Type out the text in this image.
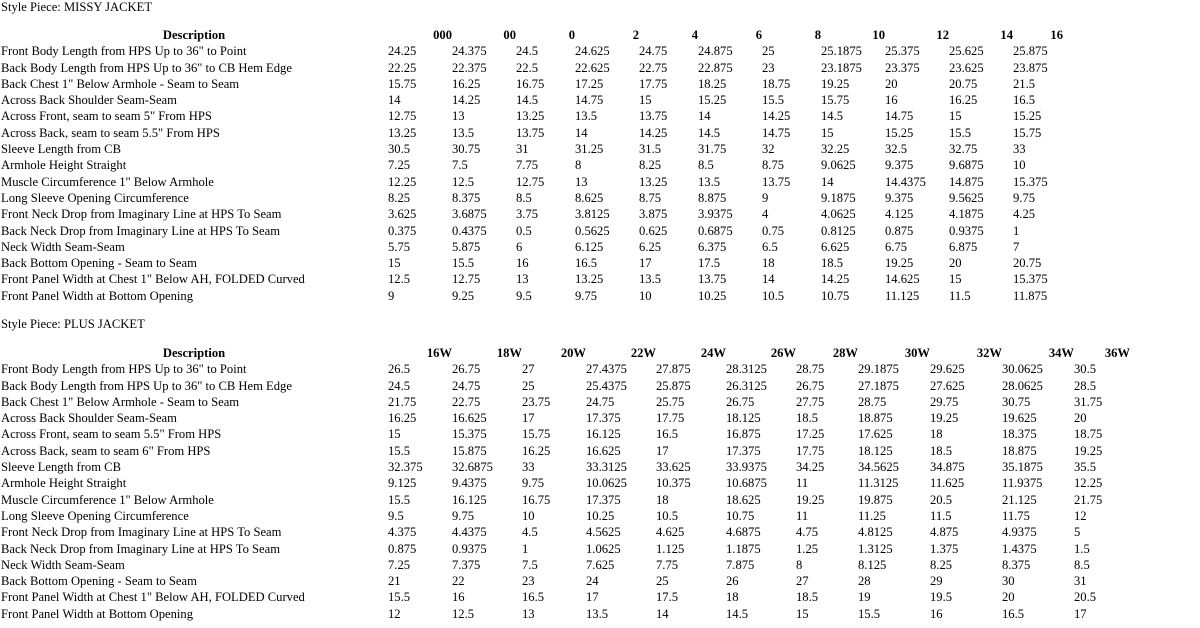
Style Piece: MISSY JACKET
Description	000	00	0	2	4	6	8	10	12	14	16
Front Body Length from HPS Up to 36" to Point	24.25	24.375	24.5	24.625	24.75	24.875	25	25.1875	25.375	25.625	25.875
Back Body Length from HPS Up to 36" to CB Hem Edge	22.25	22.375	22.5	22.625	22.75	22.875	23	23.1875	23.375	23.625	23.875
Back Chest 1" Below Armhole - Seam to Seam	15.75	16.25	16.75	17.25	17.75	18.25	18.75	19.25	20	20.75	21.5
Across Back Shoulder Seam-Seam	14	14.25	14.5	14.75	15	15.25	15.5	15.75	16	16.25	16.5
Across Front, seam to seam 5" From HPS	12.75	13	13.25	13.5	13.75	14	14.25	14.5	14.75	15	15.25
Across Back, seam to seam 5.5" From HPS	13.25	13.5	13.75	14	14.25	14.5	14.75	15	15.25	15.5	15.75
Sleeve Length from CB	30.5	30.75	31	31.25	31.5	31.75	32	32.25	32.5	32.75	33
Armhole Height Straight	7.25	7.5	7.75	8	8.25	8.5	8.75	9.0625	9.375	9.6875	10
Muscle Circumference 1" Below Armhole	12.25	12.5	12.75	13	13.25	13.5	13.75	14	14.4375	14.875	15.375
Long Sleeve Opening Circumference	8.25	8.375	8.5	8.625	8.75	8.875	9	9.1875	9.375	9.5625	9.75
Front Neck Drop from Imaginary Line at HPS To Seam	3.625	3.6875	3.75	3.8125	3.875	3.9375	4	4.0625	4.125	4.1875	4.25
Back Neck Drop from Imaginary Line at HPS To Seam	0.375	0.4375	0.5	0.5625	0.625	0.6875	0.75	0.8125	0.875	0.9375	1
Neck Width Seam-Seam	5.75	5.875	6	6.125	6.25	6.375	6.5	6.625	6.75	6.875	7
Back Bottom Opening - Seam to Seam	15	15.5	16	16.5	17	17.5	18	18.5	19.25	20	20.75
Front Panel Width at Chest 1" Below AH, FOLDED Curved	12.5	12.75	13	13.25	13.5	13.75	14	14.25	14.625	15	15.375
Front Panel Width at Bottom Opening	9	9.25	9.5	9.75	10	10.25	10.5	10.75	11.125	11.5	11.875
Style Piece: PLUS JACKET
Description	16W	18W	20W	22W	24W	26W	28W	30W	32W	34W	36W
Front Body Length from HPS Up to 36" to Point	26.5	26.75	27	27.4375	27.875	28.3125	28.75	29.1875	29.625	30.0625	30.5
Back Body Length from HPS Up to 36" to CB Hem Edge	24.5	24.75	25	25.4375	25.875	26.3125	26.75	27.1875	27.625	28.0625	28.5
Back Chest 1" Below Armhole - Seam to Seam	21.75	22.75	23.75	24.75	25.75	26.75	27.75	28.75	29.75	30.75	31.75
Across Back Shoulder Seam-Seam	16.25	16.625	17	17.375	17.75	18.125	18.5	18.875	19.25	19.625	20
Across Front, seam to seam 5.5" From HPS	15	15.375	15.75	16.125	16.5	16.875	17.25	17.625	18	18.375	18.75
Across Back, seam to seam 6" From HPS	15.5	15.875	16.25	16.625	17	17.375	17.75	18.125	18.5	18.875	19.25
Sleeve Length from CB	32.375	32.6875	33	33.3125	33.625	33.9375	34.25	34.5625	34.875	35.1875	35.5
Armhole Height Straight	9.125	9.4375	9.75	10.0625	10.375	10.6875	11	11.3125	11.625	11.9375	12.25
Muscle Circumference 1" Below Armhole	15.5	16.125	16.75	17.375	18	18.625	19.25	19.875	20.5	21.125	21.75
Long Sleeve Opening Circumference	9.5	9.75	10	10.25	10.5	10.75	11	11.25	11.5	11.75	12
Front Neck Drop from Imaginary Line at HPS To Seam	4.375	4.4375	4.5	4.5625	4.625	4.6875	4.75	4.8125	4.875	4.9375	5
Back Neck Drop from Imaginary Line at HPS To Seam	0.875	0.9375	1	1.0625	1.125	1.1875	1.25	1.3125	1.375	1.4375	1.5
Neck Width Seam-Seam	7.25	7.375	7.5	7.625	7.75	7.875	8	8.125	8.25	8.375	8.5
Back Bottom Opening - Seam to Seam	21	22	23	24	25	26	27	28	29	30	31
Front Panel Width at Chest 1" Below AH, FOLDED Curved	15.5	16	16.5	17	17.5	18	18.5	19	19.5	20	20.5
Front Panel Width at Bottom Opening	12	12.5	13	13.5	14	14.5	15	15.5	16	16.5	17
